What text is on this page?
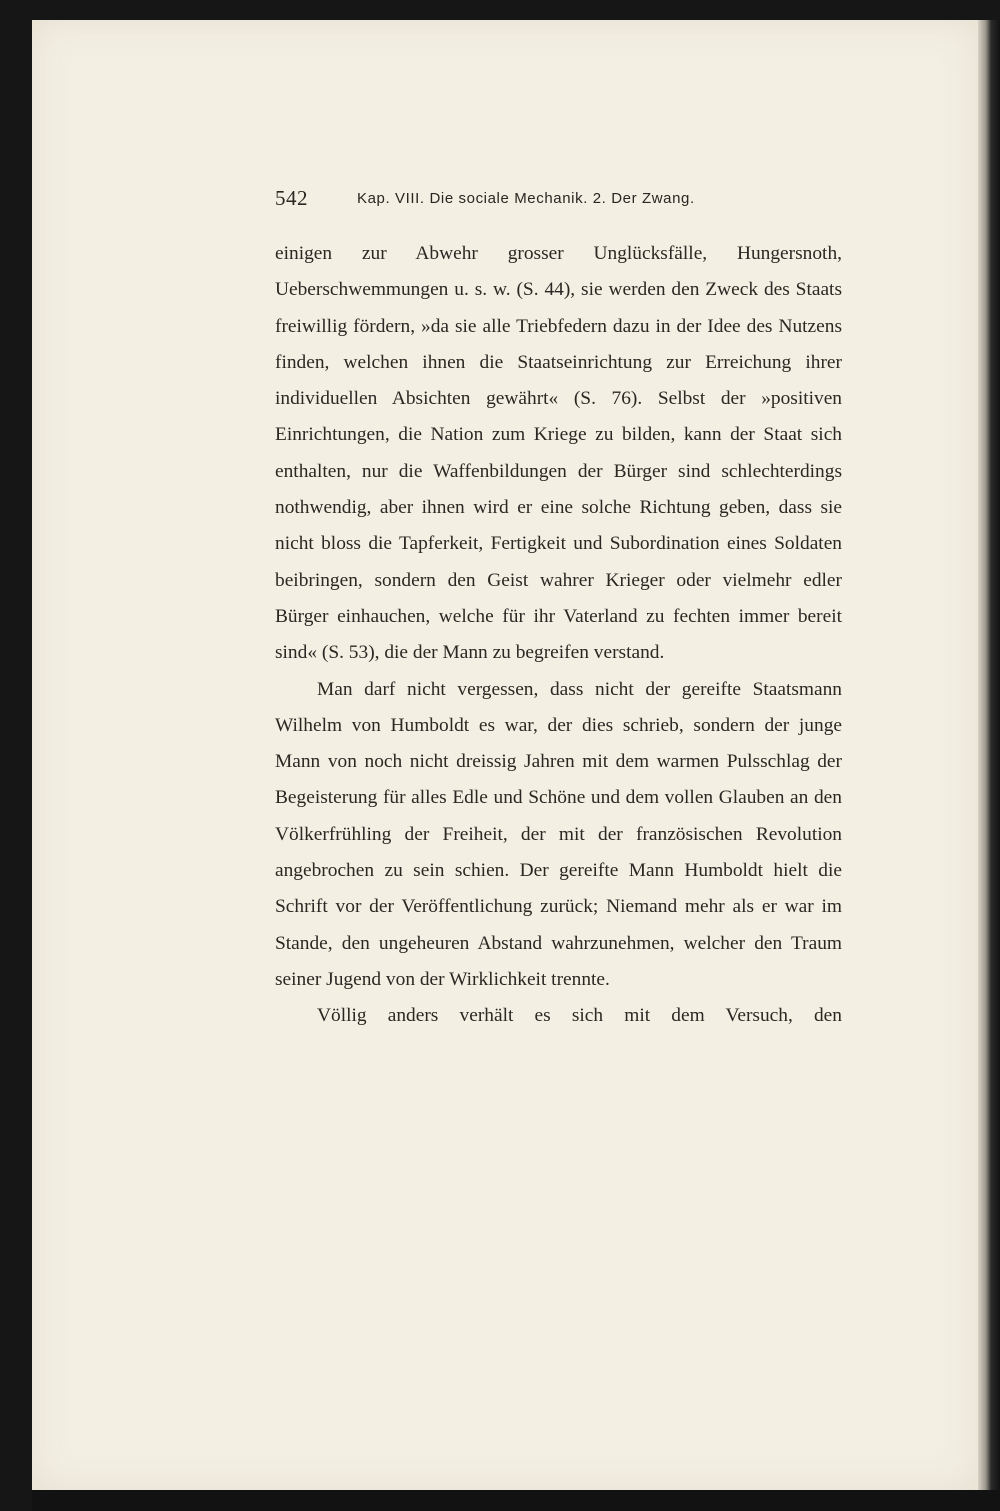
542	Kap. VIII. Die sociale Mechanik. 2. Der Zwang.

einigen zur Abwehr grosser Unglücksfälle, Hungersnoth, Ueberschwemmungen u. s. w. (S. 44), sie werden den Zweck des Staats freiwillig fördern, »da sie alle Triebfedern dazu in der Idee des Nutzens finden, welchen ihnen die Staatseinrichtung zur Erreichung ihrer individuellen Absichten gewährt« (S. 76). Selbst der »positiven Einrichtungen, die Nation zum Kriege zu bilden, kann der Staat sich enthalten, nur die Waffenbildungen der Bürger sind schlechterdings nothwendig, aber ihnen wird er eine solche Richtung geben, dass sie nicht bloss die Tapferkeit, Fertigkeit und Subordination eines Soldaten beibringen, sondern den Geist wahrer Krieger oder vielmehr edler Bürger einhauchen, welche für ihr Vaterland zu fechten immer bereit sind« (S. 53), die der Mann zu begreifen verstand.

Man darf nicht vergessen, dass nicht der gereifte Staatsmann Wilhelm von Humboldt es war, der dies schrieb, sondern der junge Mann von noch nicht dreissig Jahren mit dem warmen Pulsschlag der Begeisterung für alles Edle und Schöne und dem vollen Glauben an den Völkerfrühling der Freiheit, der mit der französischen Revolution angebrochen zu sein schien. Der gereifte Mann Humboldt hielt die Schrift vor der Veröffentlichung zurück; Niemand mehr als er war im Stande, den ungeheuren Abstand wahrzunehmen, welcher den Traum seiner Jugend von der Wirklichkeit trennte.

Völlig anders verhält es sich mit dem Versuch, den
